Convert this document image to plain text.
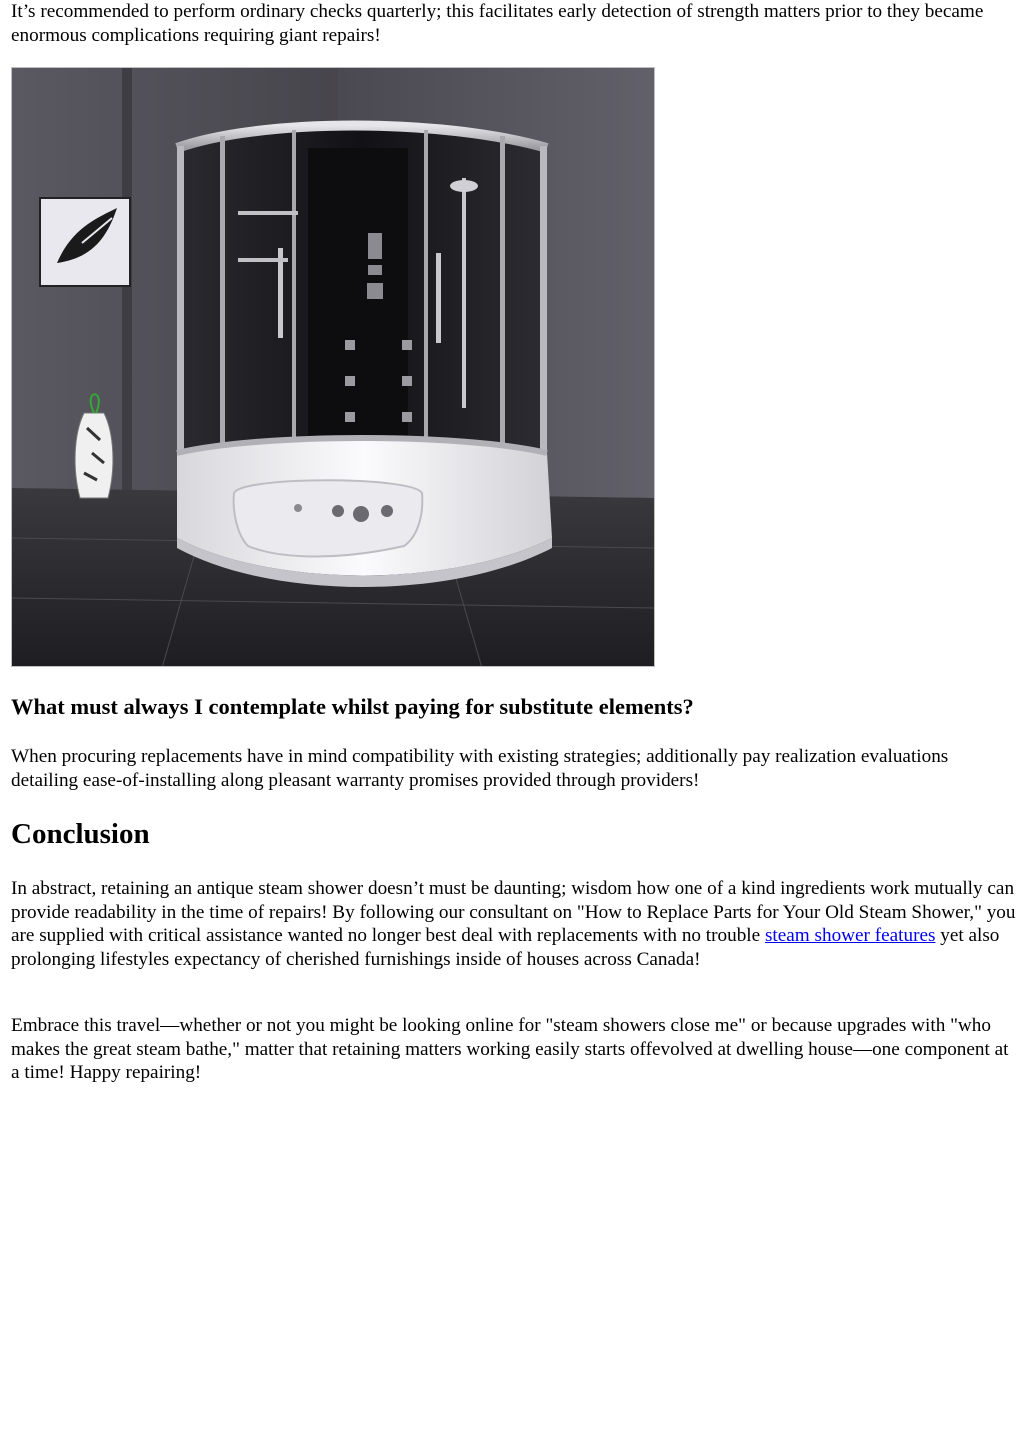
It’s recommended to perform ordinary checks quarterly; this facilitates early detection of strength matters prior to they became enormous complications requiring giant repairs!

What must always I contemplate whilst paying for substitute elements?

When procuring replacements have in mind compatibility with existing strategies; additionally pay realization evaluations detailing ease-of-installing along pleasant warranty promises provided through providers!

Conclusion

In abstract, retaining an antique steam shower doesn’t must be daunting; wisdom how one of a kind ingredients work mutually can provide readability in the time of repairs! By following our consultant on "How to Replace Parts for Your Old Steam Shower," you are supplied with critical assistance wanted no longer best deal with replacements with no trouble steam shower features yet also prolonging lifestyles expectancy of cherished furnishings inside of houses across Canada!

Embrace this travel—whether or not you might be looking online for "steam showers close me" or because upgrades with "who makes the great steam bathe," matter that retaining matters working easily starts offevolved at dwelling house—one component at a time! Happy repairing!
